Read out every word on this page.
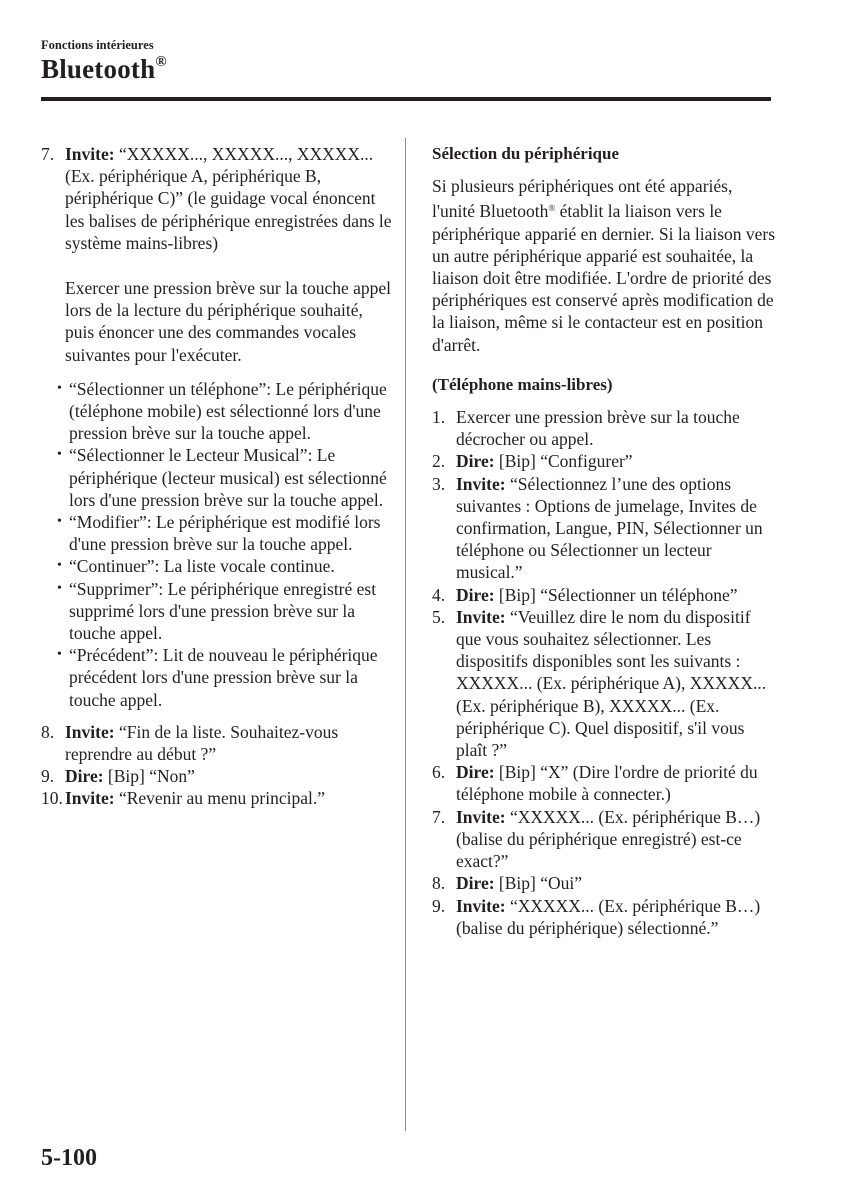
Fonctions intérieures
Bluetooth®
7. Invite: “XXXXX..., XXXXX..., XXXXX... (Ex. périphérique A, périphérique B, périphérique C)” (le guidage vocal énoncent les balises de périphérique enregistrées dans le système mains-libres)
Exercer une pression brève sur la touche appel lors de la lecture du périphérique souhaité, puis énoncer une des commandes vocales suivantes pour l'exécuter.
• “Sélectionner un téléphone”: Le périphérique (téléphone mobile) est sélectionné lors d'une pression brève sur la touche appel.
• “Sélectionner le Lecteur Musical”: Le périphérique (lecteur musical) est sélectionné lors d'une pression brève sur la touche appel.
• “Modifier”: Le périphérique est modifié lors d'une pression brève sur la touche appel.
• “Continuer”: La liste vocale continue.
• “Supprimer”: Le périphérique enregistré est supprimé lors d'une pression brève sur la touche appel.
• “Précédent”: Lit de nouveau le périphérique précédent lors d'une pression brève sur la touche appel.
8. Invite: “Fin de la liste. Souhaitez-vous reprendre au début ?”
9. Dire: [Bip] “Non”
10. Invite: “Revenir au menu principal.”
Sélection du périphérique
Si plusieurs périphériques ont été appariés, l'unité Bluetooth® établit la liaison vers le périphérique apparié en dernier. Si la liaison vers un autre périphérique apparié est souhaitée, la liaison doit être modifiée. L'ordre de priorité des périphériques est conservé après modification de la liaison, même si le contacteur est en position d'arrêt.
(Téléphone mains-libres)
1. Exercer une pression brève sur la touche décrocher ou appel.
2. Dire: [Bip] “Configurer”
3. Invite: “Sélectionnez l’une des options suivantes : Options de jumelage, Invites de confirmation, Langue, PIN, Sélectionner un téléphone ou Sélectionner un lecteur musical.”
4. Dire: [Bip] “Sélectionner un téléphone”
5. Invite: “Veuillez dire le nom du dispositif que vous souhaitez sélectionner. Les dispositifs disponibles sont les suivants : XXXXX... (Ex. périphérique A), XXXXX... (Ex. périphérique B), XXXXX... (Ex. périphérique C). Quel dispositif, s'il vous plaît ?”
6. Dire: [Bip] “X” (Dire l'ordre de priorité du téléphone mobile à connecter.)
7. Invite: “XXXXX... (Ex. périphérique B…) (balise du périphérique enregistré) est-ce exact?”
8. Dire: [Bip] “Oui”
9. Invite: “XXXXX... (Ex. périphérique B…) (balise du périphérique) sélectionné.”
5-100
